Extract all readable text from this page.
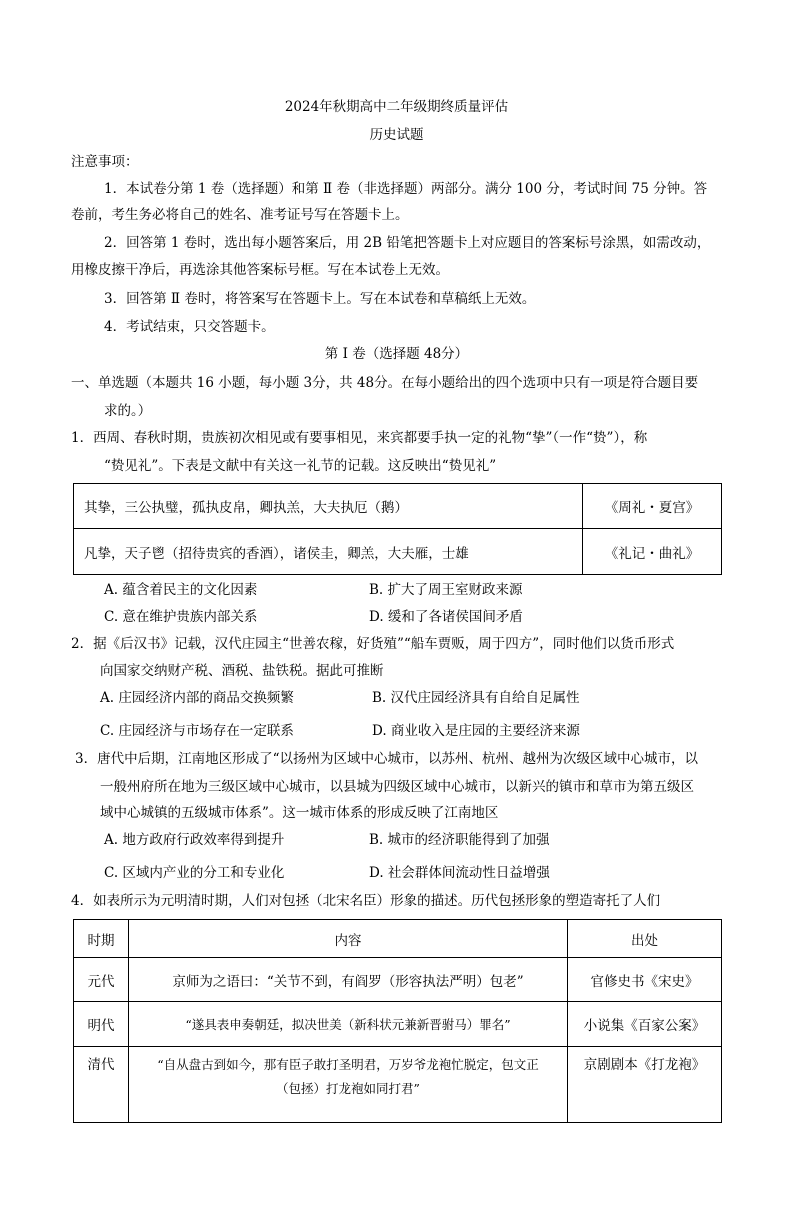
2024年秋期高中二年级期终质量评估
历史试题
注意事项：
1．本试卷分第 1 卷（选择题）和第 Ⅱ 卷（非选择题）两部分。满分 100 分，考试时间 75 分钟。答
卷前，考生务必将自己的姓名、准考证号写在答题卡上。
2．回答第 1 卷时，选出每小题答案后，用 2B 铅笔把答题卡上对应题目的答案标号涂黑，如需改动，
用橡皮擦干净后，再选涂其他答案标号框。写在本试卷上无效。
3．回答第 Ⅱ 卷时，将答案写在答题卡上。写在本试卷和草稿纸上无效。
4．考试结束，只交答题卡。
第 Ⅰ 卷（选择题 48分）
一、单选题（本题共 16 小题，每小题 3分，共 48分。在每小题给出的四个选项中只有一项是符合题目要
求的。）
1．西周、春秋时期，贵族初次相见或有要事相见，来宾都要手执一定的礼物“挚”（一作“贽”），称
“贽见礼”。下表是文献中有关这一礼节的记载。这反映出“贽见礼”
其挚，三公执璧，孤执皮帛，卿执羔，大夫执厄（鹅）	《周礼・夏宫》
凡挚，天子鬯（招待贵宾的香酒），诸侯圭，卿羔，大夫雁，士雄	《礼记・曲礼》
A. 蕴含着民主的文化因素	B. 扩大了周王室财政来源
C. 意在维护贵族内部关系	D. 缓和了各诸侯国间矛盾
2．据《后汉书》记载，汉代庄园主“世善农稼，好货殖”“船车贾贩，周于四方”，同时他们以货币形式
向国家交纳财产税、酒税、盐铁税。据此可推断
A. 庄园经济内部的商品交换频繁	B. 汉代庄园经济具有自给自足属性
C. 庄园经济与市场存在一定联系	D. 商业收入是庄园的主要经济来源
3．唐代中后期，江南地区形成了“以扬州为区域中心城市，以苏州、杭州、越州为次级区域中心城市，以
一般州府所在地为三级区域中心城市，以县城为四级区域中心城市，以新兴的镇市和草市为第五级区
域中心城镇的五级城市体系”。这一城市体系的形成反映了江南地区
A. 地方政府行政效率得到提升	B. 城市的经济职能得到了加强
C. 区域内产业的分工和专业化	D. 社会群体间流动性日益增强
4．如表所示为元明清时期，人们对包拯（北宋名臣）形象的描述。历代包拯形象的塑造寄托了人们
时期	内容	出处
元代	京师为之语曰：“关节不到，有阎罗（形容执法严明）包老”	官修史书《宋史》
明代	“遂具表申奏朝廷，拟决世美（新科状元兼新晋驸马）罪名”	小说集《百家公案》
清代	“自从盘古到如今，那有臣子敢打圣明君，万岁爷龙袍忙脱定，包文正
（包拯）打龙袍如同打君”	京剧剧本《打龙袍》
